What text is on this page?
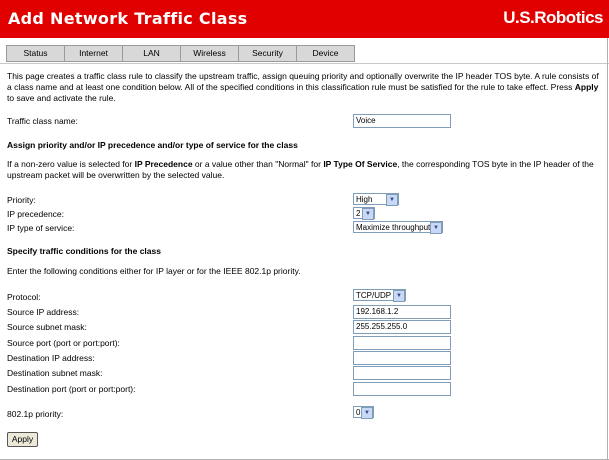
Add Network Traffic Class	U.S.Robotics
Status	Internet	LAN	Wireless	Security	Device
This page creates a traffic class rule to classify the upstream traffic, assign queuing priority and optionally overwrite the IP header TOS byte. A rule consists of a class name and at least one condition below. All of the specified conditions in this classification rule must be satisfied for the rule to take effect. Press Apply to save and activate the rule.
Traffic class name:
Voice
Assign priority and/or IP precedence and/or type of service for the class
If a non-zero value is selected for IP Precedence or a value other than "Normal" for IP Type Of Service, the corresponding TOS byte in the IP header of the upstream packet will be overwritten by the selected value.
Priority:	High	▼
IP precedence:	2 ▼
IP type of service:	Maximize throughput ▼
Specify traffic conditions for the class
Enter the following conditions either for IP layer or for the IEEE 802.1p priority.
Protocol:	TCP/UDP ▼
Source IP address:
192.168.1.2
Source subnet mask:
255.255.255.0
Source port (port or port:port):
Destination IP address:
Destination subnet mask:
Destination port (port or port:port):
802.1p priority:	0 ▼
Apply
